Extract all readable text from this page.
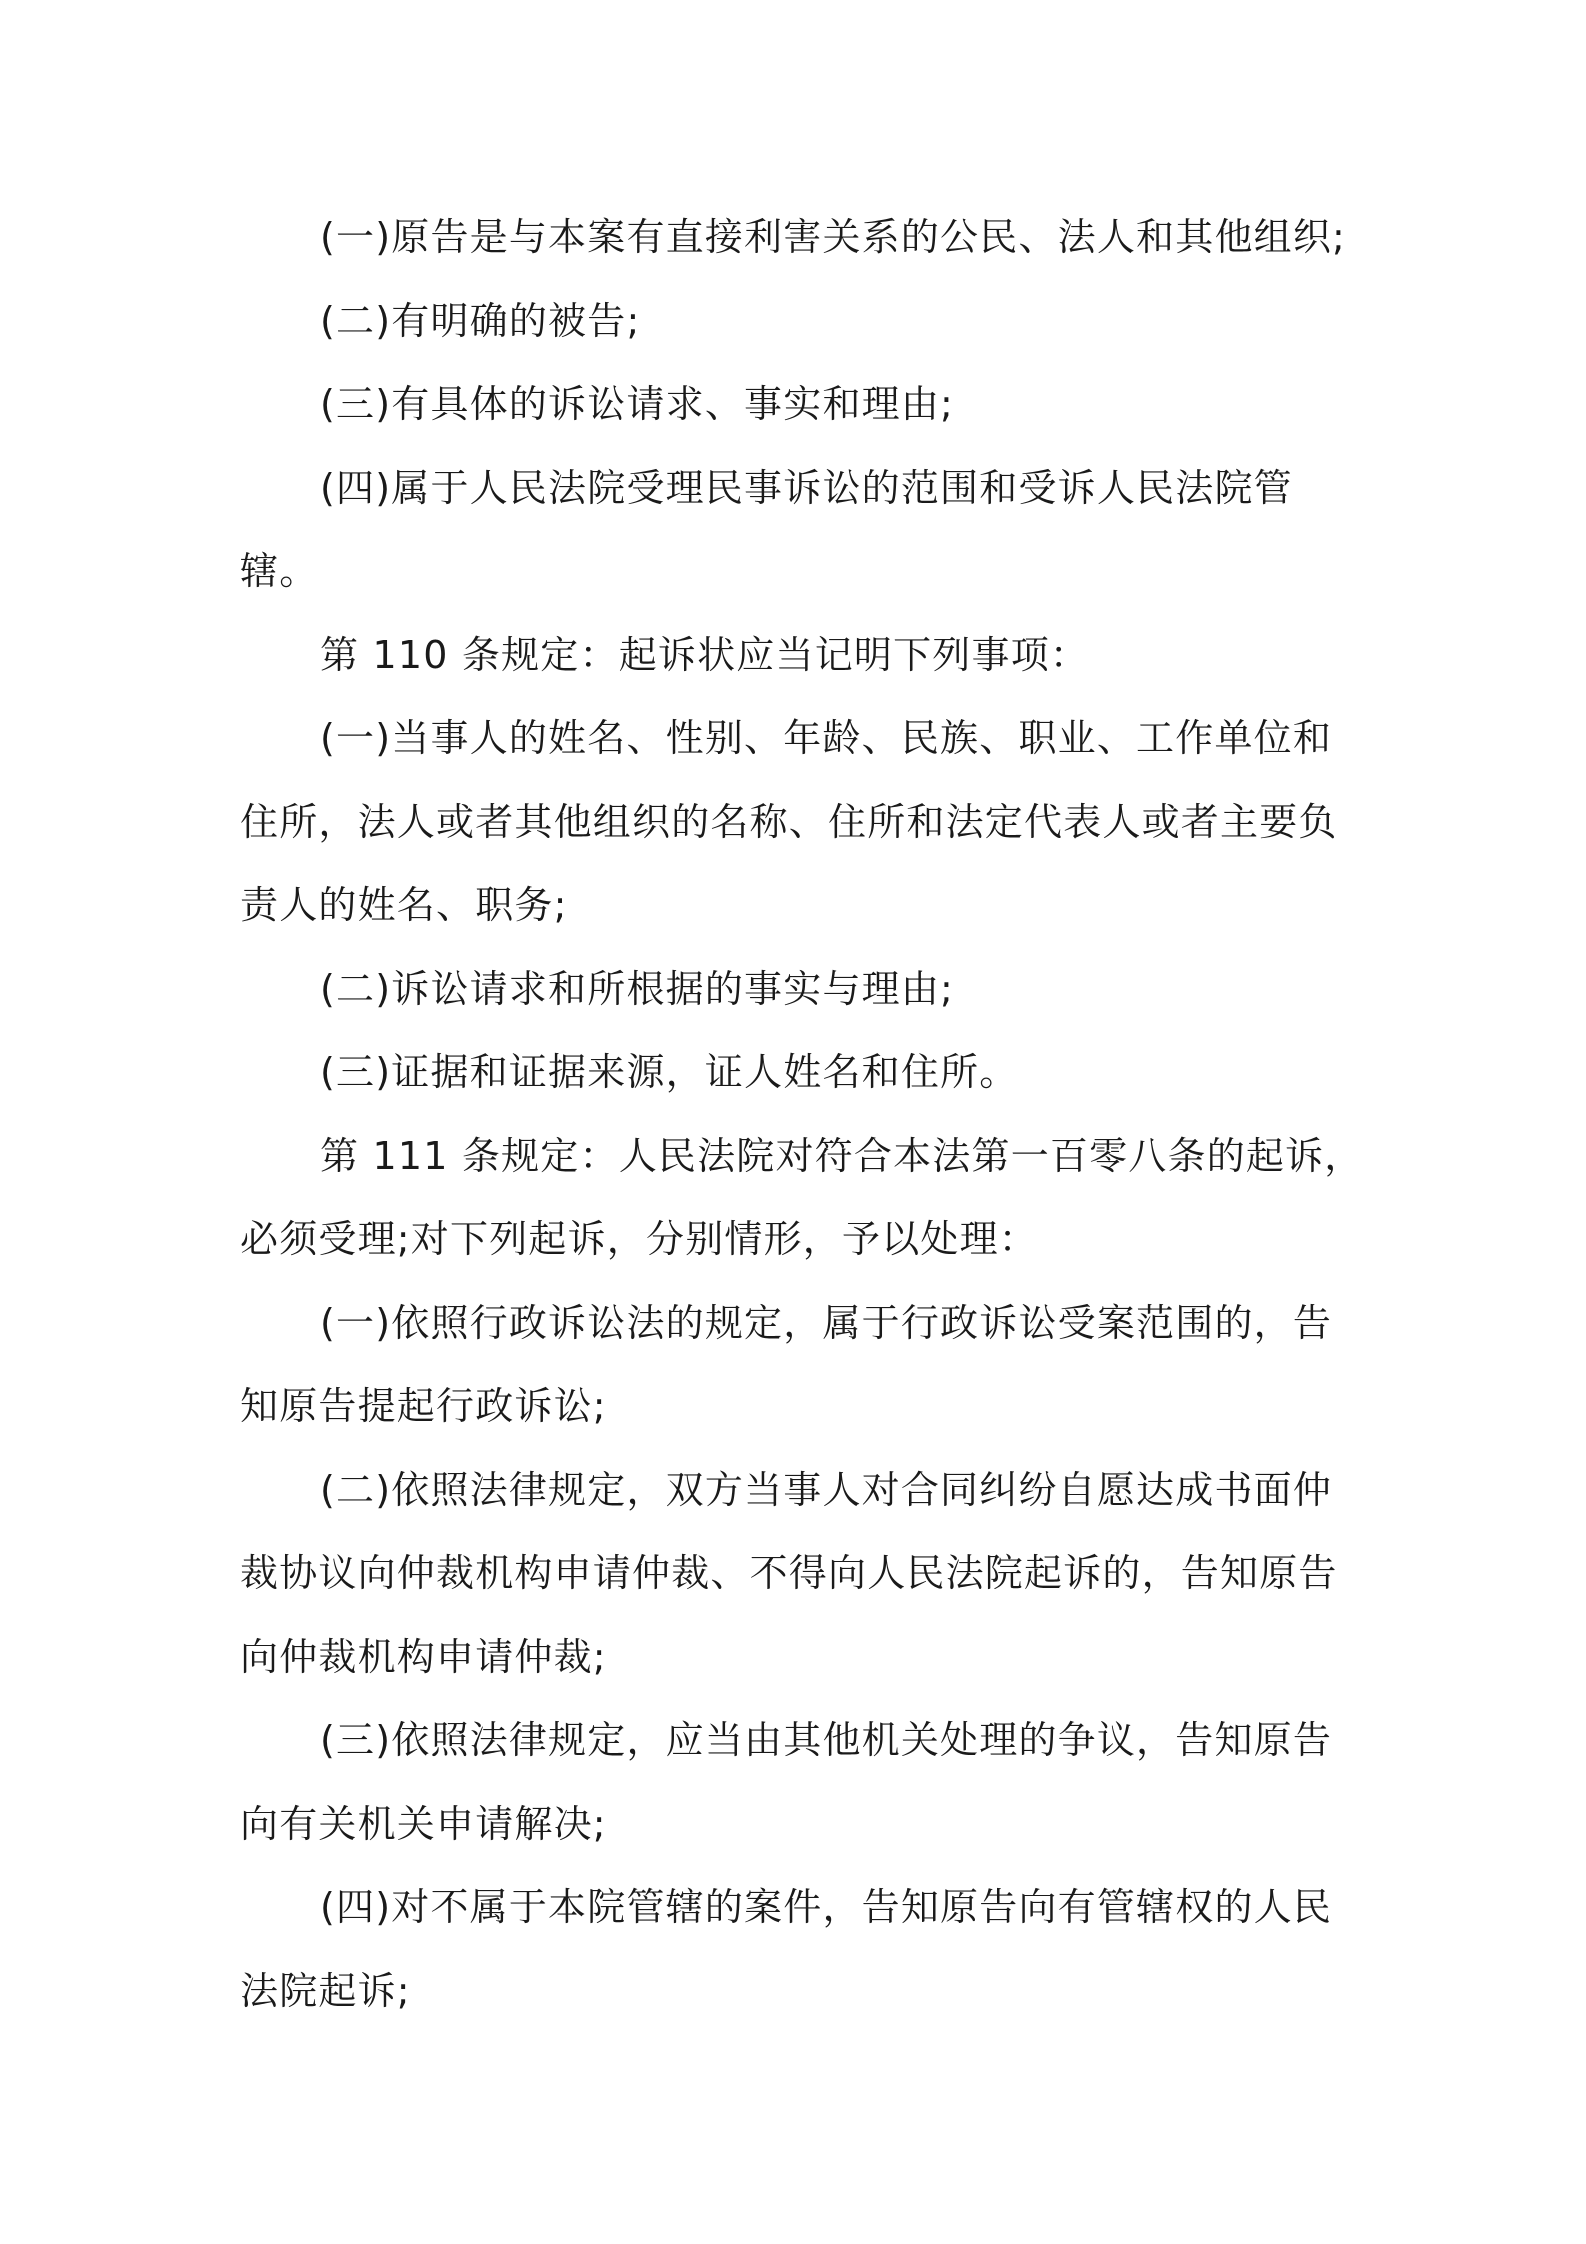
(一)原告是与本案有直接利害关系的公民、法人和其他组织;

(二)有明确的被告;

(三)有具体的诉讼请求、事实和理由;

(四)属于人民法院受理民事诉讼的范围和受诉人民法院管
辖。

第 110 条规定：起诉状应当记明下列事项：

(一)当事人的姓名、性别、年龄、民族、职业、工作单位和
住所，法人或者其他组织的名称、住所和法定代表人或者主要负
责人的姓名、职务;

(二)诉讼请求和所根据的事实与理由;

(三)证据和证据来源，证人姓名和住所。

第 111 条规定：人民法院对符合本法第一百零八条的起诉，
必须受理;对下列起诉，分别情形，予以处理：

(一)依照行政诉讼法的规定，属于行政诉讼受案范围的，告
知原告提起行政诉讼;

(二)依照法律规定，双方当事人对合同纠纷自愿达成书面仲
裁协议向仲裁机构申请仲裁、不得向人民法院起诉的，告知原告
向仲裁机构申请仲裁;

(三)依照法律规定，应当由其他机关处理的争议，告知原告
向有关机关申请解决;

(四)对不属于本院管辖的案件，告知原告向有管辖权的人民
法院起诉;
